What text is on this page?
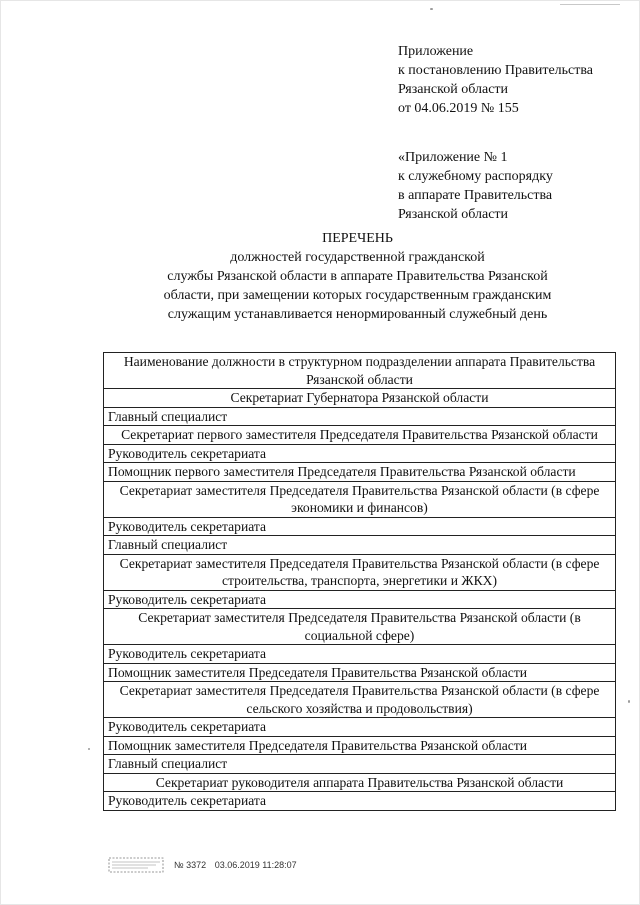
Приложение
к постановлению Правительства
Рязанской области
от 04.06.2019 № 155
«Приложение № 1
к служебному распорядку
в аппарате Правительства
Рязанской области
ПЕРЕЧЕНЬ
должностей государственной гражданской
службы Рязанской области в аппарате Правительства Рязанской
области, при замещении которых государственным гражданским
служащим устанавливается ненормированный служебный день
Наименование должности в структурном подразделении аппарата Правительства Рязанской области
Секретариат Губернатора Рязанской области
Главный специалист
Секретариат первого заместителя Председателя Правительства Рязанской области
Руководитель секретариата
Помощник первого заместителя Председателя Правительства Рязанской области
Секретариат заместителя Председателя Правительства Рязанской области (в сфере экономики и финансов)
Руководитель секретариата
Главный специалист
Секретариат заместителя Председателя Правительства Рязанской области (в сфере строительства, транспорта, энергетики и ЖКХ)
Руководитель секретариата
Секретариат заместителя Председателя Правительства Рязанской области (в социальной сфере)
Руководитель секретариата
Помощник заместителя Председателя Правительства Рязанской области
Секретариат заместителя Председателя Правительства Рязанской области (в сфере сельского хозяйства и продовольствия)
Руководитель секретариата
Помощник заместителя Председателя Правительства Рязанской области
Главный специалист
Секретариат руководителя аппарата Правительства Рязанской области
Руководитель секретариата
№ 3372 03.06.2019 11:28:07
